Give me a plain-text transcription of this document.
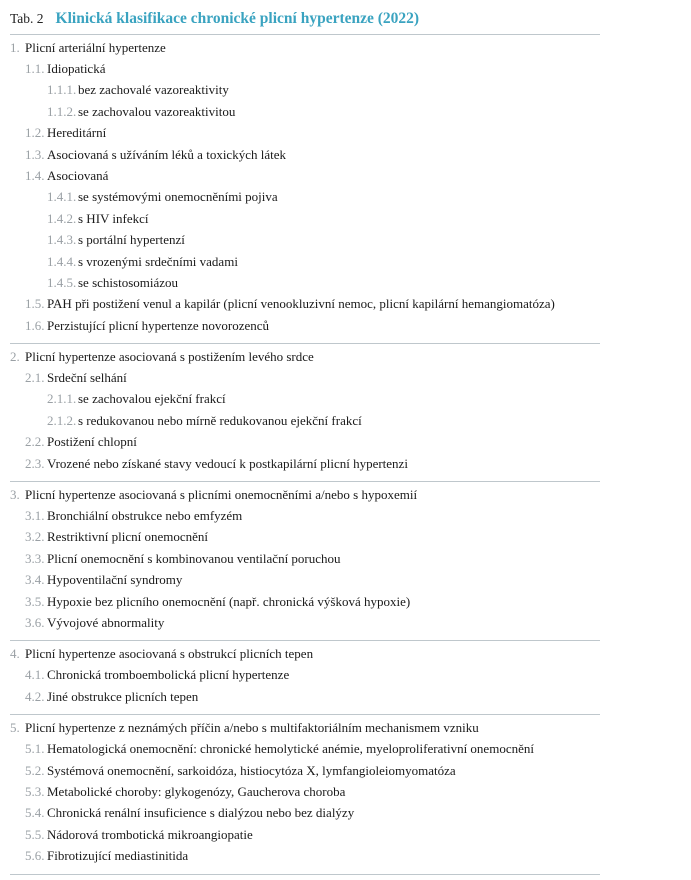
Tab. 2 Klinická klasifikace chronické plicní hypertenze (2022)
1. Plicní arteriální hypertenze
1.1. Idiopatická
1.1.1. bez zachovalé vazoreaktivity
1.1.2. se zachovalou vazoreaktivitou
1.2. Hereditární
1.3. Asociovaná s užíváním léků a toxických látek
1.4. Asociovaná
1.4.1. se systémovými onemocněními pojiva
1.4.2. s HIV infekcí
1.4.3. s portální hypertenzí
1.4.4. s vrozenými srdečními vadami
1.4.5. se schistosomiázou
1.5. PAH při postižení venul a kapilár (plicní venookluzivní nemoc, plicní kapilární hemangiomatóza)
1.6. Perzistující plicní hypertenze novorozenců
2. Plicní hypertenze asociovaná s postižením levého srdce
2.1. Srdeční selhání
2.1.1. se zachovalou ejekční frakcí
2.1.2. s redukovanou nebo mírně redukovanou ejekční frakcí
2.2. Postižení chlopní
2.3. Vrozené nebo získané stavy vedoucí k postkapilární plicní hypertenzi
3. Plicní hypertenze asociovaná s plicními onemocněními a/nebo s hypoxemií
3.1. Bronchiální obstrukce nebo emfyzém
3.2. Restriktivní plicní onemocnění
3.3. Plicní onemocnění s kombinovanou ventilační poruchou
3.4. Hypoventilační syndromy
3.5. Hypoxie bez plicního onemocnění (např. chronická výšková hypoxie)
3.6. Vývojové abnormality
4. Plicní hypertenze asociovaná s obstrukcí plicních tepen
4.1. Chronická tromboembolická plicní hypertenze
4.2. Jiné obstrukce plicních tepen
5. Plicní hypertenze z neznámých příčin a/nebo s multifaktoriálním mechanismem vzniku
5.1. Hematologická onemocnění: chronické hemolytické anémie, myeloproliferativní onemocnění
5.2. Systémová onemocnění, sarkoidóza, histiocytóza X, lymfangioleiomyomatóza
5.3. Metabolické choroby: glykogenózy, Gaucherova choroba
5.4. Chronická renální insuficience s dialýzou nebo bez dialýzy
5.5. Nádorová trombotická mikroangiopatie
5.6. Fibrotizující mediastinitida
